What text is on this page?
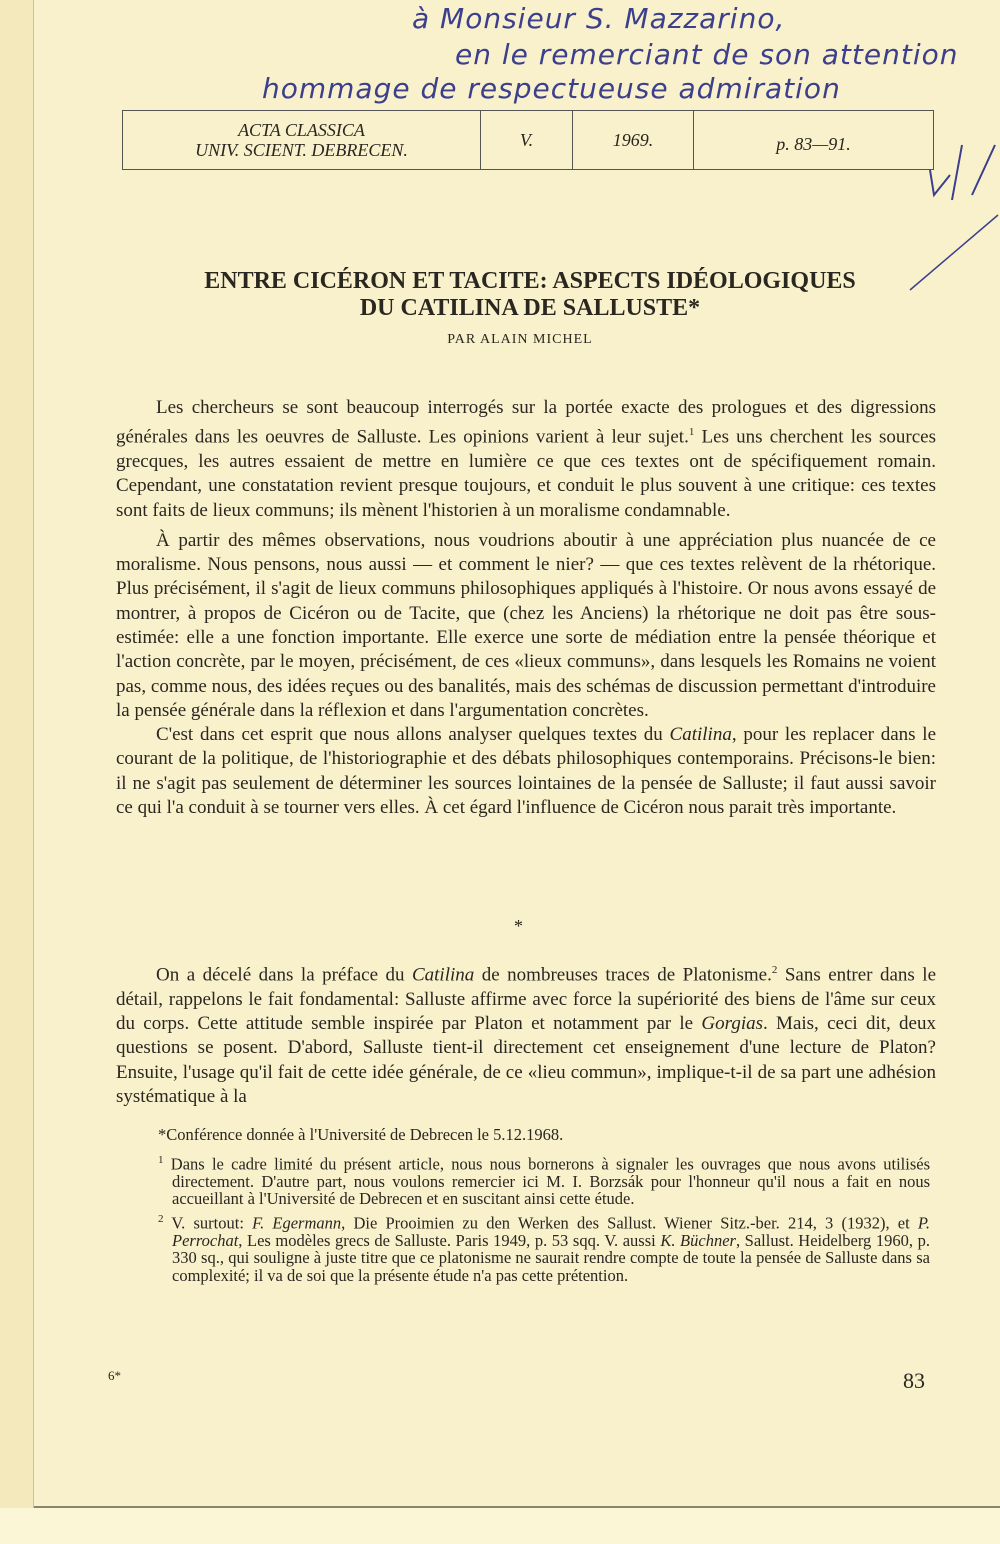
à Monsieur S. Mazzarino,
en le remerciant de son attention
hommage de respectueuse admiration
ACTA CLASSICA
UNIV. SCIENT. DEBRECEN.	V.	1969.	p. 83—91.
ENTRE CICÉRON ET TACITE: ASPECTS IDÉOLOGIQUES
DU CATILINA DE SALLUSTE*
PAR ALAIN MICHEL

Les chercheurs se sont beaucoup interrogés sur la portée exacte des prologues et des digressions générales dans les oeuvres de Salluste. Les opinions varient à leur sujet.$^1$ Les uns cherchent les sources grecques, les autres essaient de mettre en lumière ce que ces textes ont de spécifiquement romain. Cependant, une constatation revient presque toujours, et conduit le plus souvent à une critique: ces textes sont faits de lieux communs; ils mènent l'historien à un moralisme condamnable.

À partir des mêmes observations, nous voudrions aboutir à une appréciation plus nuancée de ce moralisme. Nous pensons, nous aussi — et comment le nier? — que ces textes relèvent de la rhétorique. Plus précisément, il s'agit de lieux communs philosophiques appliqués à l'histoire. Or nous avons essayé de montrer, à propos de Cicéron ou de Tacite, que (chez les Anciens) la rhétorique ne doit pas être sous-estimée: elle a une fonction importante. Elle exerce une sorte de médiation entre la pensée théorique et l'action concrète, par le moyen, précisément, de ces «lieux communs», dans lesquels les Romains ne voient pas, comme nous, des idées reçues ou des banalités, mais des schémas de discussion permettant d'introduire la pensée générale dans la réflexion et dans l'argumentation concrètes.

C'est dans cet esprit que nous allons analyser quelques textes du Catilina, pour les replacer dans le courant de la politique, de l'historiographie et des débats philosophiques contemporains. Précisons-le bien: il ne s'agit pas seulement de déterminer les sources lointaines de la pensée de Salluste; il faut aussi savoir ce qui l'a conduit à se tourner vers elles. À cet égard l'influence de Cicéron nous parait très importante.

*

On a décelé dans la préface du Catilina de nombreuses traces de Platonisme.$^2$ Sans entrer dans le détail, rappelons le fait fondamental: Salluste affirme avec force la supériorité des biens de l'âme sur ceux du corps. Cette attitude semble inspirée par Platon et notamment par le Gorgias. Mais, ceci dit, deux questions se posent. D'abord, Salluste tient-il directement cet enseignement d'une lecture de Platon? Ensuite, l'usage qu'il fait de cette idée générale, de ce «lieu commun», implique-t-il de sa part une adhésion systématique à la

*Conférence donnée à l'Université de Debrecen le 5.12.1968.

$^1$ Dans le cadre limité du présent article, nous nous bornerons à signaler les ouvrages que nous avons utilisés directement. D'autre part, nous voulons remercier ici M. I. Borzsák pour l'honneur qu'il nous a fait en nous accueillant à l'Université de Debrecen et en suscitant ainsi cette étude.

$^2$ V. surtout: F. Egermann, Die Prooimien zu den Werken des Sallust. Wiener Sitz.-ber. 214, 3 (1932), et P. Perrochat, Les modèles grecs de Salluste. Paris 1949, p. 53 sqq. V. aussi K. Büchner, Sallust. Heidelberg 1960, p. 330 sq., qui souligne à juste titre que ce platonisme ne saurait rendre compte de toute la pensée de Salluste dans sa complexité; il va de soi que la présente étude n'a pas cette prétention.

6*	83
